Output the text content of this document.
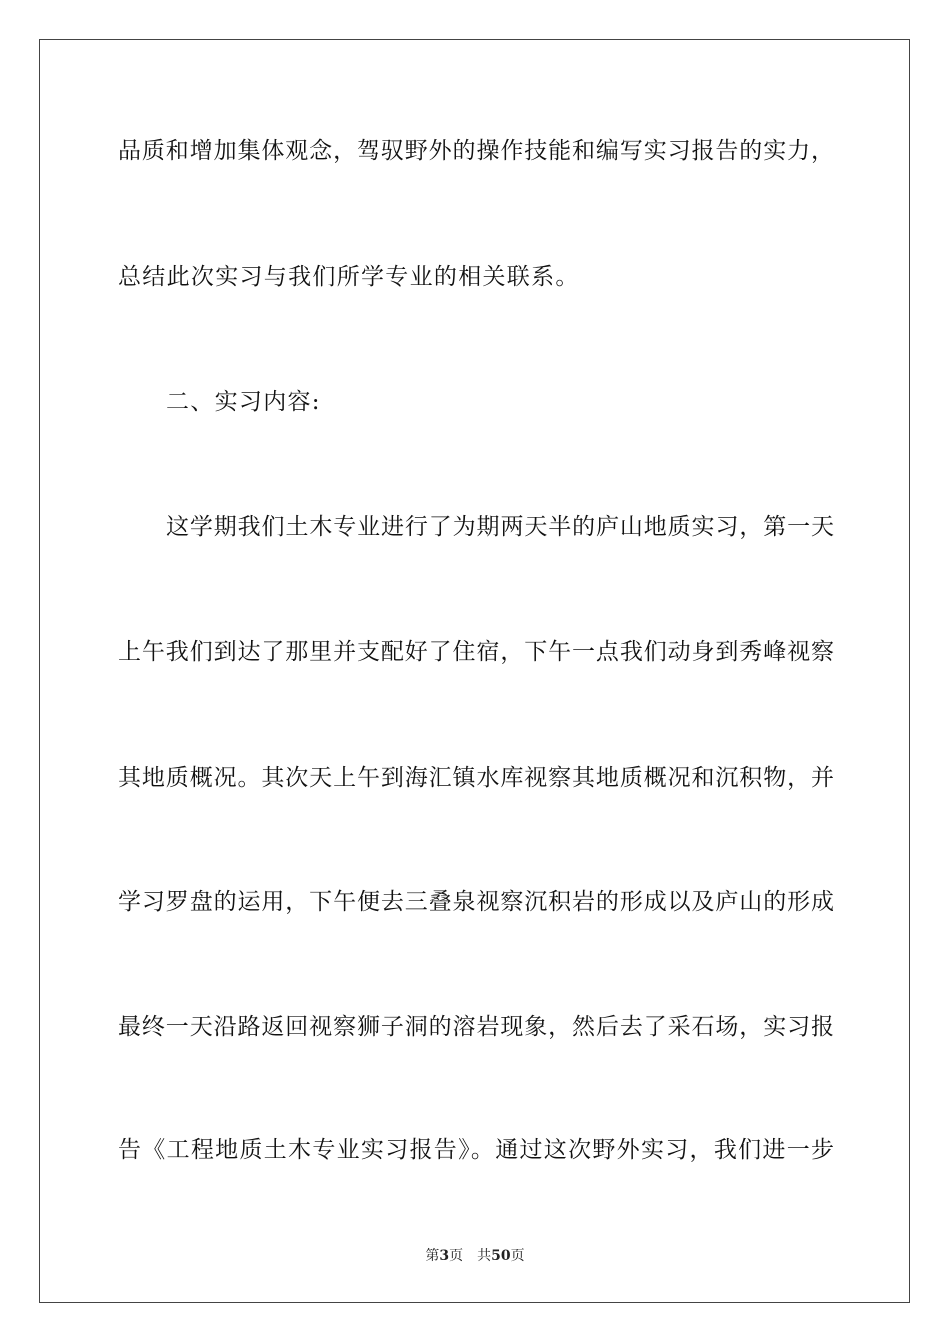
品质和增加集体观念，驾驭野外的操作技能和编写实习报告的实力，
总结此次实习与我们所学专业的相关联系。
二、实习内容:
这学期我们土木专业进行了为期两天半的庐山地质实习，第一天
上午我们到达了那里并支配好了住宿，下午一点我们动身到秀峰视察
其地质概况。其次天上午到海汇镇水库视察其地质概况和沉积物，并
学习罗盘的运用，下午便去三叠泉视察沉积岩的形成以及庐山的形成
最终一天沿路返回视察狮子洞的溶岩现象，然后去了采石场，实习报
告《工程地质土木专业实习报告》。通过这次野外实习，我们进一步
第3页 共50页
